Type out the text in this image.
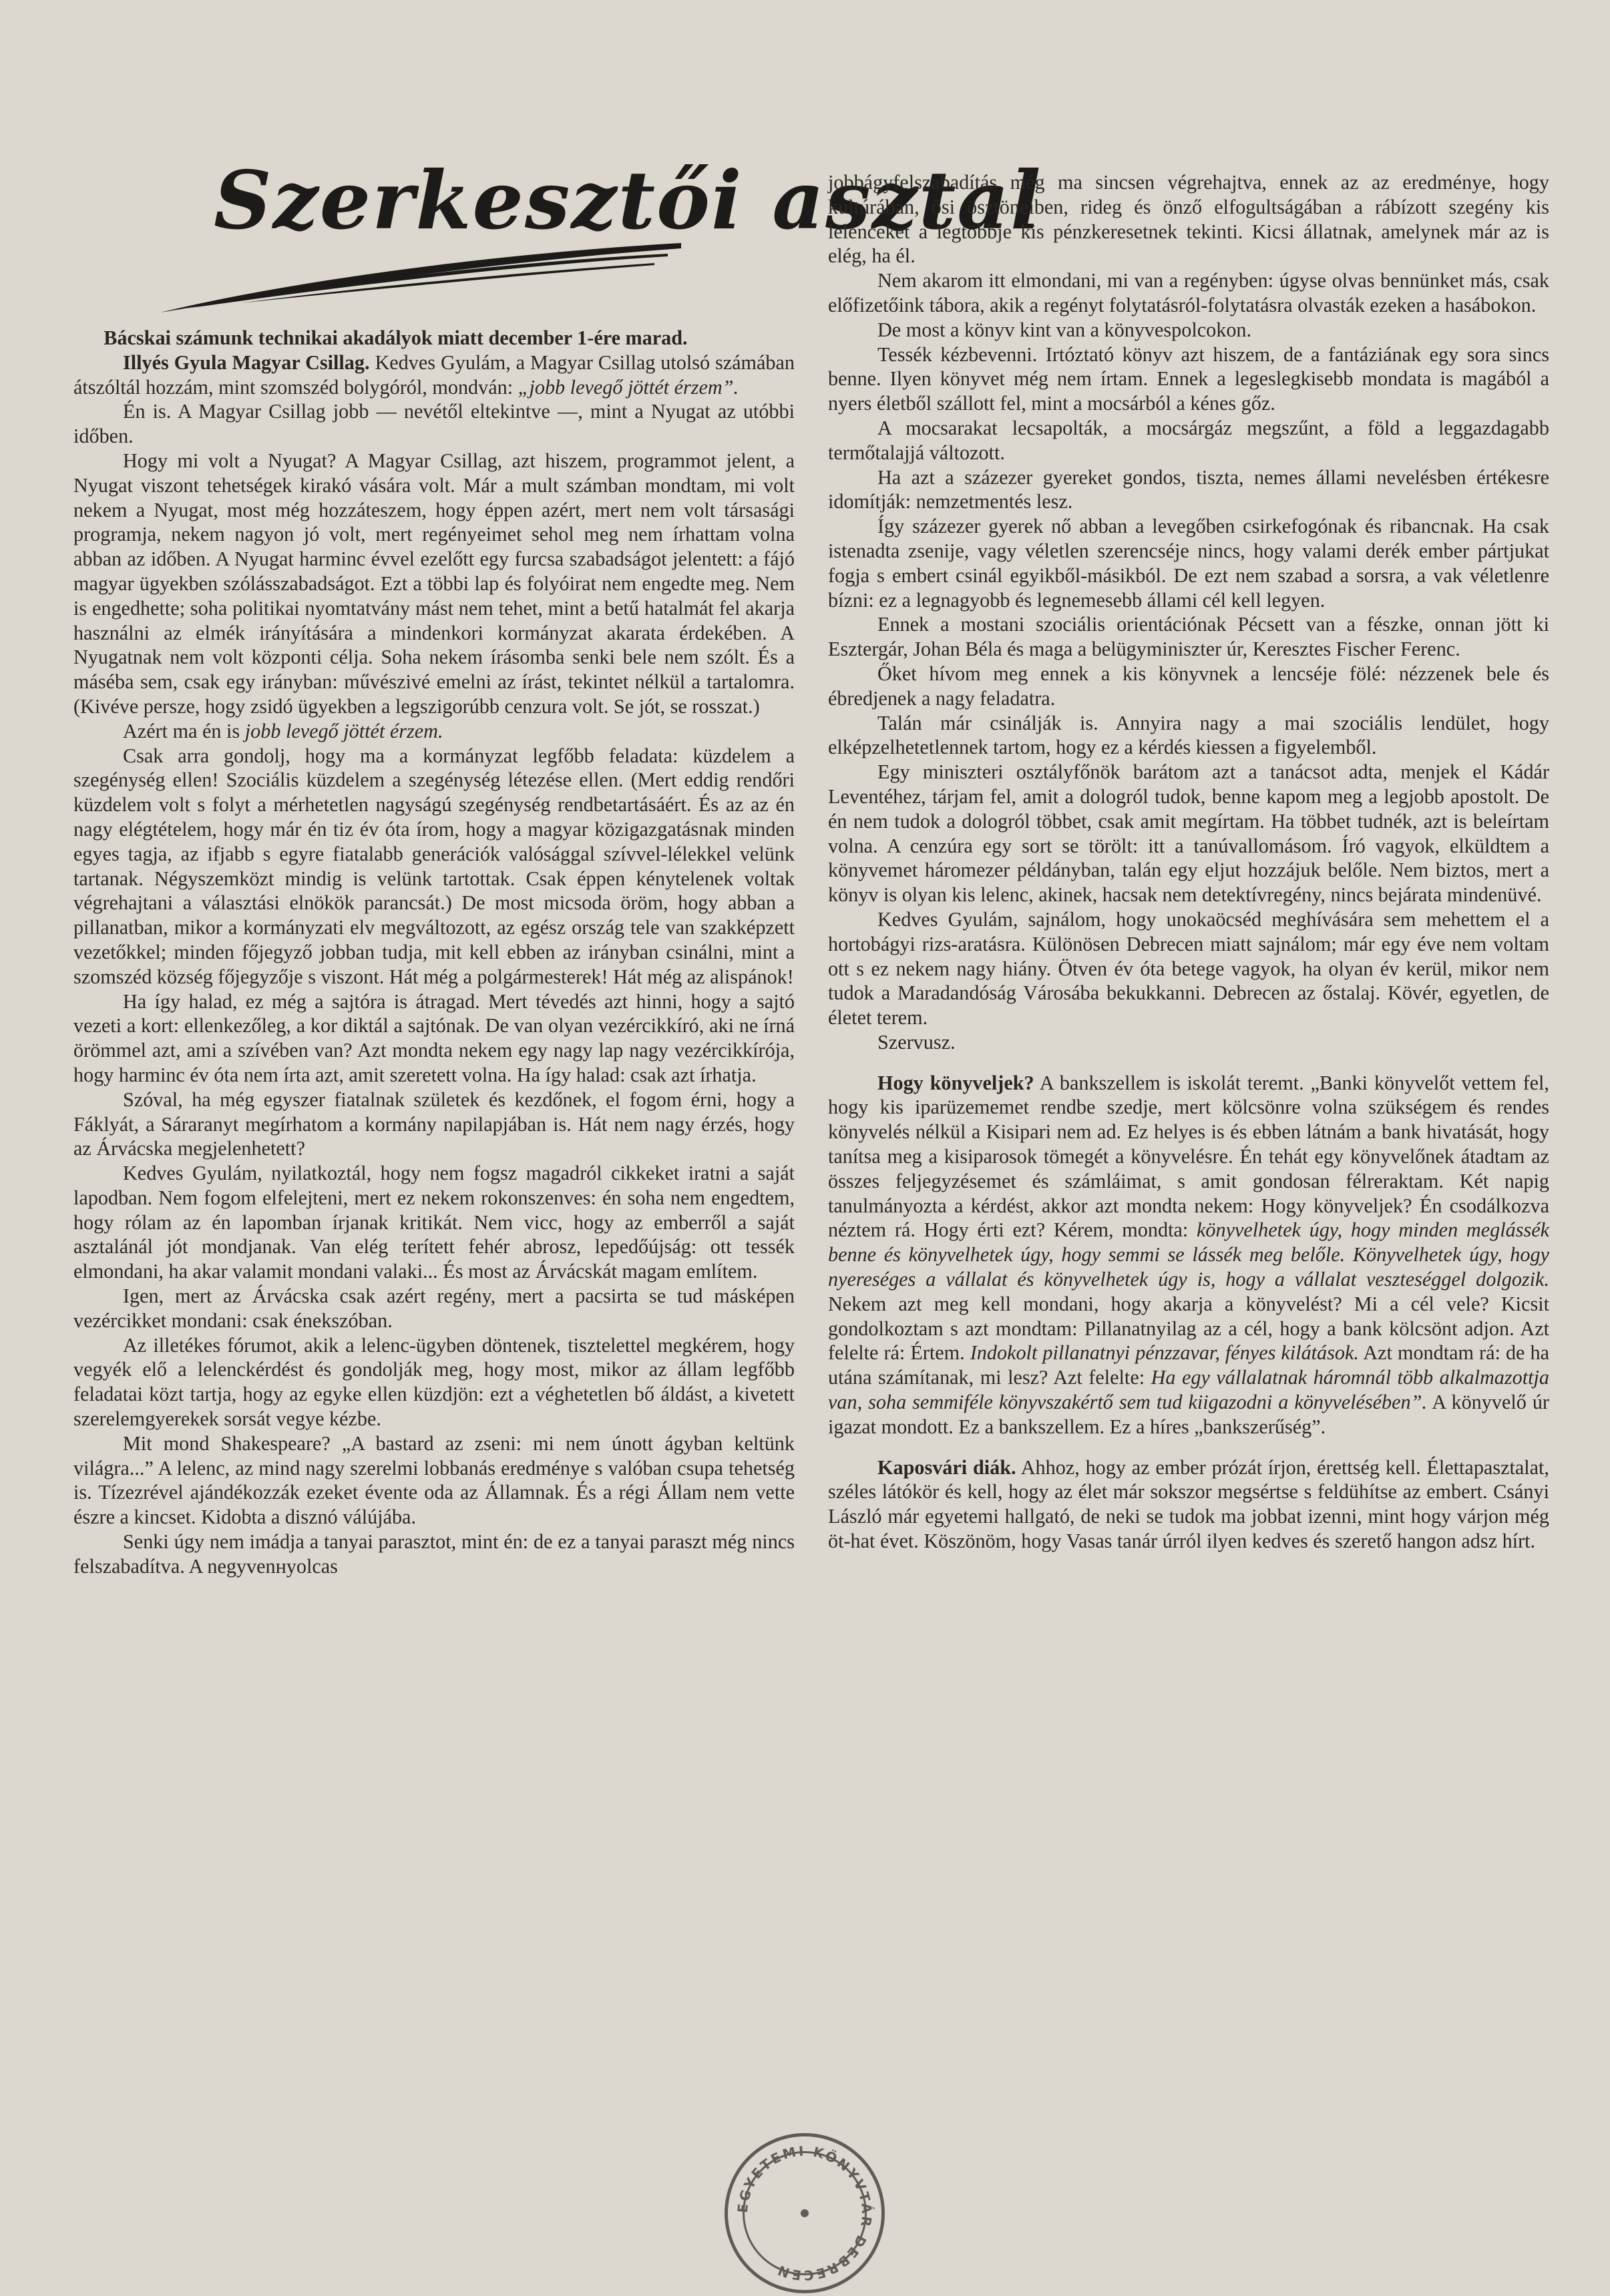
Szerkesztői asztal

  Bácskai számunk technikai akadályok miatt december 1-ére marad.

Illyés Gyula Magyar Csillag. Kedves Gyulám, a Magyar Csillag utolsó számában átszóltál hozzám, mint szomszéd bolygóról, mondván: „jobb levegő jöttét érzem”.

Én is. A Magyar Csillag jobb — nevétől eltekintve —, mint a Nyugat az utóbbi időben.

Hogy mi volt a Nyugat? A Magyar Csillag, azt hiszem, programmot jelent, a Nyugat viszont tehetségek kirakó vására volt. Már a mult számban mondtam, mi volt nekem a Nyugat, most még hozzáteszem, hogy éppen azért, mert nem volt társasági programja, nekem nagyon jó volt, mert regényeimet sehol meg nem írhattam volna abban az időben. A Nyugat harminc évvel ezelőtt egy furcsa szabadságot jelentett: a fájó magyar ügyekben szólásszabadságot. Ezt a többi lap és folyóirat nem engedte meg. Nem is engedhette; soha politikai nyomtatvány mást nem tehet, mint a betű hatalmát fel akarja használni az elmék irányítására a mindenkori kormányzat akarata érdekében. A Nyugatnak nem volt központi célja. Soha nekem írásomba senki bele nem szólt. És a máséba sem, csak egy irányban: művészivé emelni az írást, tekintet nélkül a tartalomra. (Kivéve persze, hogy zsidó ügyekben a legszigorúbb cenzura volt. Se jót, se rosszat.)

Azért ma én is jobb levegő jöttét érzem.

Csak arra gondolj, hogy ma a kormányzat legfőbb feladata: küzdelem a szegénység ellen! Szociális küzdelem a szegénység létezése ellen. (Mert eddig rendőri küzdelem volt s folyt a mérhetetlen nagyságú szegénység rendbetartásáért. És az az én nagy elégtételem, hogy már én tiz év óta írom, hogy a magyar közigazgatásnak minden egyes tagja, az ifjabb s egyre fiatalabb generációk valósággal szívvel-lélekkel velünk tartanak. Négyszemközt mindig is velünk tartottak. Csak éppen kénytelenek voltak végrehajtani a választási elnökök parancsát.) De most micsoda öröm, hogy abban a pillanatban, mikor a kormányzati elv megváltozott, az egész ország tele van szakképzett vezetőkkel; minden főjegyző jobban tudja, mit kell ebben az irányban csinálni, mint a szomszéd község főjegyzője s viszont. Hát még a polgármesterek! Hát még az alispánok!

Ha így halad, ez még a sajtóra is átragad. Mert tévedés azt hinni, hogy a sajtó vezeti a kort: ellenkezőleg, a kor diktál a sajtónak. De van olyan vezércikkíró, aki ne írná örömmel azt, ami a szívében van? Azt mondta nekem egy nagy lap nagy vezércikkírója, hogy harminc év óta nem írta azt, amit szeretett volna. Ha így halad: csak azt írhatja.

Szóval, ha még egyszer fiatalnak születek és kezdőnek, el fogom érni, hogy a Fáklyát, a Sáraranyt megírhatom a kormány napilapjában is. Hát nem nagy érzés, hogy az Árvácska megjelenhetett?

Kedves Gyulám, nyilatkoztál, hogy nem fogsz magadról cikkeket iratni a saját lapodban. Nem fogom elfelejteni, mert ez nekem rokonszenves: én soha nem engedtem, hogy rólam az én lapomban írjanak kritikát. Nem vicc, hogy az emberről a saját asztalánál jót mondjanak. Van elég terített fehér abrosz, lepedőújság: ott tessék elmondani, ha akar valamit mondani valaki... És most az Árvácskát magam említem.

Igen, mert az Árvácska csak azért regény, mert a pacsirta se tud másképen vezércikket mondani: csak énekszóban.

Az illetékes fórumot, akik a lelenc-ügyben döntenek, tisztelettel megkérem, hogy vegyék elő a lelenckérdést és gondolják meg, hogy most, mikor az állam legfőbb feladatai közt tartja, hogy az egyke ellen küzdjön: ezt a véghetetlen bő áldást, a kivetett szerelemgyerekek sorsát vegye kézbe.

Mit mond Shakespeare? „A bastard az zseni: mi nem únott ágyban keltünk világra...” A lelenc, az mind nagy szerelmi lobbanás eredménye s valóban csupa tehetség is. Tízezrével ajándékozzák ezeket évente oda az Államnak. És a régi Állam nem vette észre a kincset. Kidobta a disznó válújába.

Senki úgy nem imádja a tanyai parasztot, mint én: de ez a tanyai paraszt még nincs felszabadítva. A negyvenнyolcas

jobbágyfelszabadítás még ma sincsen végrehajtva, ennek az az eredménye, hogy kultúrában, ősi ösztöneiben, rideg és önző elfogultságában a rábízott szegény kis lelenceket a legtöbbje kis pénzkeresetnek tekinti. Kicsi állatnak, amelynek már az is elég, ha él.

Nem akarom itt elmondani, mi van a regényben: úgyse olvas bennünket más, csak előfizetőink tábora, akik a regényt folytatásról-folytatásra olvasták ezeken a hasábokon.

De most a könyv kint van a könyvespolcokon.

Tessék kézbevenni. Irtóztató könyv azt hiszem, de a fantáziának egy sora sincs benne. Ilyen könyvet még nem írtam. Ennek a legeslegkisebb mondata is magából a nyers életből szállott fel, mint a mocsárból a kénes gőz.

A mocsarakat lecsapolták, a mocsárgáz megszűnt, a föld a leggazdagabb termőtalajjá változott.

Ha azt a százezer gyereket gondos, tiszta, nemes állami nevelésben értékesre idomítják: nemzetmentés lesz.

Így százezer gyerek nő abban a levegőben csirkefogónak és ribancnak. Ha csak istenadta zsenije, vagy véletlen szerencséje nincs, hogy valami derék ember pártjukat fogja s embert csinál egyikből-másikból. De ezt nem szabad a sorsra, a vak véletlenre bízni: ez a legnagyobb és legnemesebb állami cél kell legyen.

Ennek a mostani szociális orientációnak Pécsett van a fészke, onnan jött ki Esztergár, Johan Béla és maga a belügyminiszter úr, Keresztes Fischer Ferenc.

Őket hívom meg ennek a kis könyvnek a lencséje fölé: nézzenek bele és ébredjenek a nagy feladatra.

Talán már csinálják is. Annyira nagy a mai szociális lendület, hogy elképzelhetetlennek tartom, hogy ez a kérdés kiessen a figyelemből.

Egy miniszteri osztályfőnök barátom azt a tanácsot adta, menjek el Kádár Leventéhez, tárjam fel, amit a dologról tudok, benne kapom meg a legjobb apostolt. De én nem tudok a dologról többet, csak amit megírtam. Ha többet tudnék, azt is beleírtam volna. A cenzúra egy sort se törölt: itt a tanúvallomásom. Író vagyok, elküldtem a könyvemet háromezer példányban, talán egy eljut hozzájuk belőle. Nem biztos, mert a könyv is olyan kis lelenc, akinek, hacsak nem detektívregény, nincs bejárata mindenüvé.

Kedves Gyulám, sajnálom, hogy unokaöcséd meghívására sem mehettem el a hortobágyi rizs-aratásra. Különösen Debrecen miatt sajnálom; már egy éve nem voltam ott s ez nekem nagy hiány. Ötven év óta betege vagyok, ha olyan év kerül, mikor nem tudok a Maradandóság Városába bekukkanni. Debrecen az őstalaj. Kövér, egyetlen, de életet terem.

Szervusz.

Hogy könyveljek? A bankszellem is iskolát teremt. „Banki könyvelőt vettem fel, hogy kis iparüzememet rendbe szedje, mert kölcsönre volna szükségem és rendes könyvelés nélkül a Kisipari nem ad. Ez helyes is és ebben látnám a bank hivatását, hogy tanítsa meg a kisiparosok tömegét a könyvelésre. Én tehát egy könyvelőnek átadtam az összes feljegyzésemet és számláimat, s amit gondosan félreraktam. Két napig tanulmányozta a kérdést, akkor azt mondta nekem: Hogy könyveljek? Én csodálkozva néztem rá. Hogy érti ezt? Kérem, mondta: könyvelhetek úgy, hogy minden meglássék benne és könyvelhetek úgy, hogy semmi se lássék meg belőle. Könyvelhetek úgy, hogy nyereséges a vállalat és könyvelhetek úgy is, hogy a vállalat veszteséggel dolgozik. Nekem azt meg kell mondani, hogy akarja a könyvelést? Mi a cél vele? Kicsit gondolkoztam s azt mondtam: Pillanatnyilag az a cél, hogy a bank kölcsönt adjon. Azt felelte rá: Értem. Indokolt pillanatnyi pénzzavar, fényes kilátások. Azt mondtam rá: de ha utána számítanak, mi lesz? Azt felelte: Ha egy vállalatnak háromnál több alkalmazottja van, soha semmiféle könyvszakértő sem tud kiigazodni a könyvelésében”. A könyvelő úr igazat mondott. Ez a bankszellem. Ez a híres „bankszerűség”.

Kaposvári diák. Ahhoz, hogy az ember prózát írjon, érettség kell. Élettapasztalat, széles látókör és kell, hogy az élet már sokszor megsértse s feldühítse az embert. Csányi László már egyetemi hallgató, de neki se tudok ma jobbat izenni, mint hogy várjon még öt-hat évet. Köszönöm, hogy Vasas tanár úrról ilyen kedves és szerető hangon adsz hírt.

EGYETEMI KÖNYVTÁR DEBRECEN
